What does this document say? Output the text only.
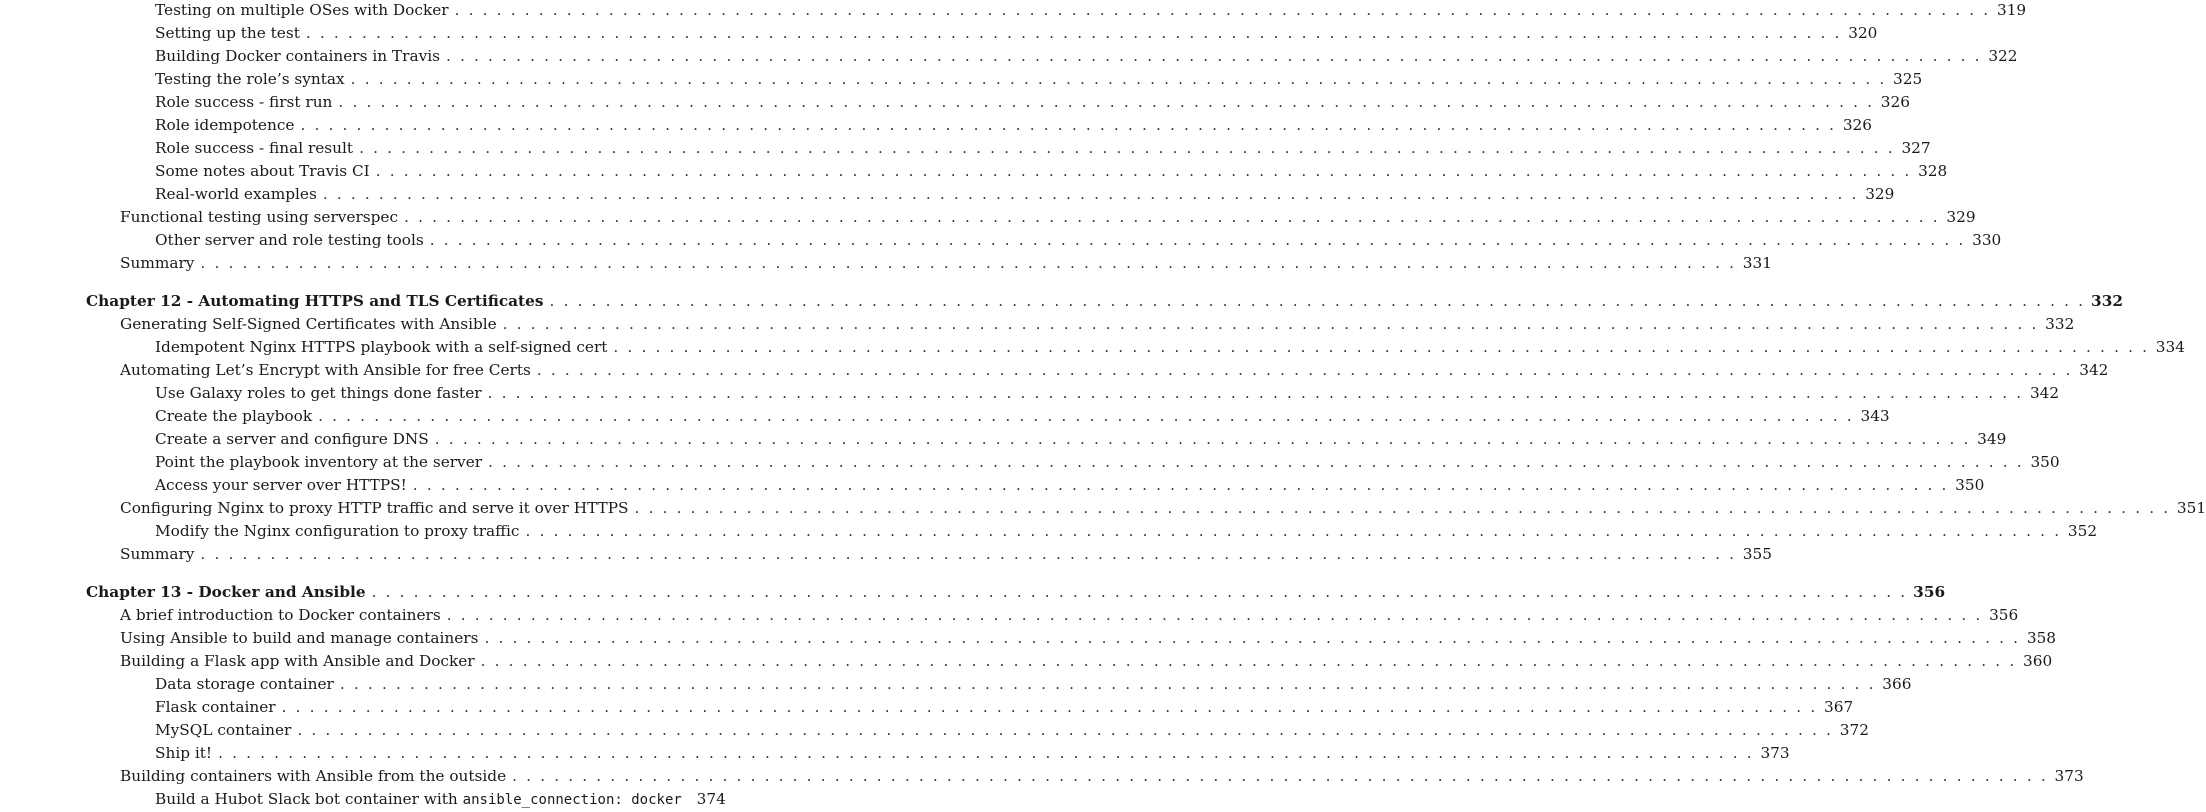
Testing on multiple OSes with Docker . . .	319
Setting up the test . . .	320
Building Docker containers in Travis . . .	322
Testing the role’s syntax . . .	325
Role success - first run . . .	326
Role idempotence . . .	326
Role success - final result . . .	327
Some notes about Travis CI . . .	328
Real-world examples . . .	329
Functional testing using serverspec . . .	329
Other server and role testing tools . . .	330
Summary . . .	331
Chapter 12 - Automating HTTPS and TLS Certificates . . .	332
Generating Self-Signed Certificates with Ansible . . .	332
Idempotent Nginx HTTPS playbook with a self-signed cert . . .	334
Automating Let’s Encrypt with Ansible for free Certs . . .	342
Use Galaxy roles to get things done faster . . .	342
Create the playbook . . .	343
Create a server and configure DNS . . .	349
Point the playbook inventory at the server . . .	350
Access your server over HTTPS! . . .	350
Configuring Nginx to proxy HTTP traffic and serve it over HTTPS . . .	351
Modify the Nginx configuration to proxy traffic . . .	352
Summary . . .	355
Chapter 13 - Docker and Ansible . . .	356
A brief introduction to Docker containers . . .	356
Using Ansible to build and manage containers . . .	358
Building a Flask app with Ansible and Docker . . .	360
Data storage container . . .	366
Flask container . . .	367
MySQL container . . .	372
Ship it! . . .	373
Building containers with Ansible from the outside . . .	373
Build a Hubot Slack bot container with ansible_connection: docker 374
